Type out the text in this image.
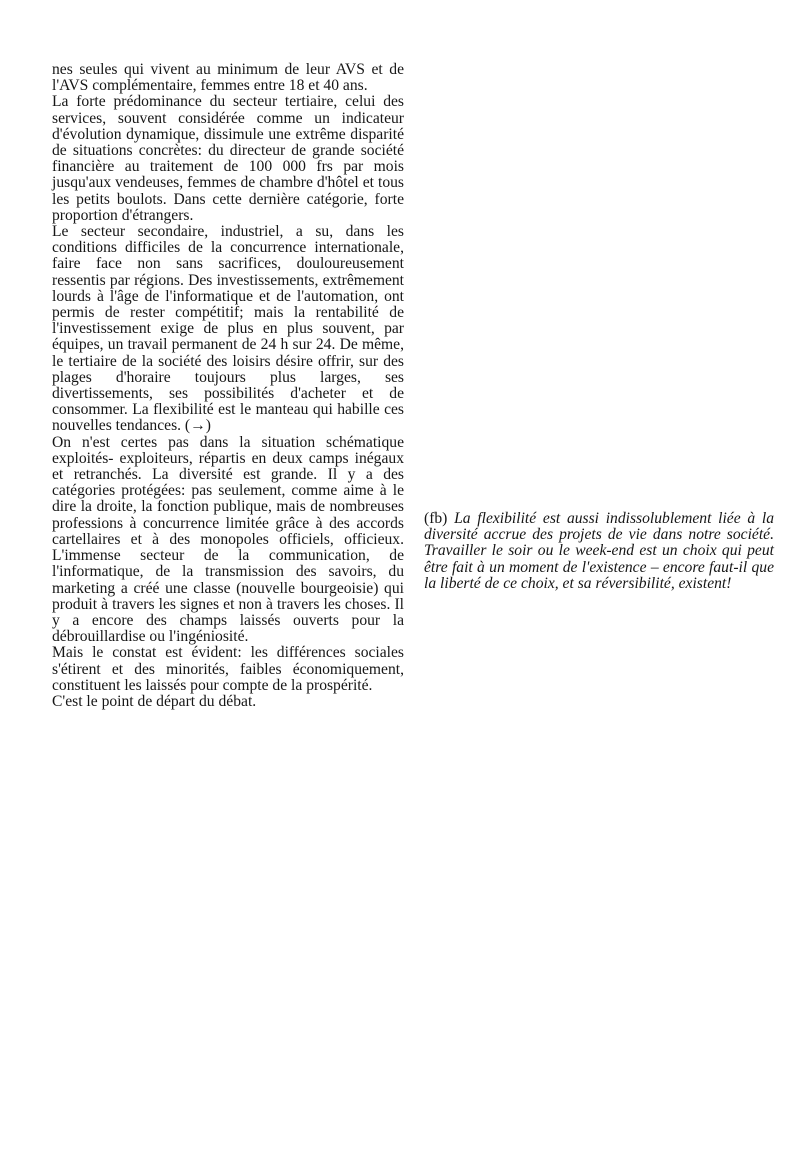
nes seules qui vivent au minimum de leur AVS et de l'AVS complémentaire, femmes entre 18 et 40 ans.

La forte prédominance du secteur tertiaire, celui des services, souvent considérée comme un indicateur d'évolution dynamique, dissimule une extrême disparité de situations concrètes: du directeur de grande société financière au traitement de 100 000 frs par mois jusqu'aux vendeuses, femmes de chambre d'hôtel et tous les petits boulots. Dans cette dernière catégorie, forte proportion d'étrangers.

Le secteur secondaire, industriel, a su, dans les conditions difficiles de la concurrence internationale, faire face non sans sacrifices, douloureusement ressentis par régions. Des investissements, extrêmement lourds à l'âge de l'informatique et de l'automation, ont permis de rester compétitif; mais la rentabilité de l'investissement exige de plus en plus souvent, par équipes, un travail permanent de 24 h sur 24. De même, le tertiaire de la société des loisirs désire offrir, sur des plages d'horaire toujours plus larges, ses divertissements, ses possibilités d'acheter et de consommer. La flexibilité est le manteau qui habille ces nouvelles tendances. (→)

On n'est certes pas dans la situation schématique exploités- exploiteurs, répartis en deux camps inégaux et retranchés. La diversité est grande. Il y a des catégories protégées: pas seulement, comme aime à le dire la droite, la fonction publique, mais de nombreuses professions à concurrence limitée grâce à des accords cartellaires et à des monopoles officiels, officieux. L'immense secteur de la communication, de l'informatique, de la transmission des savoirs, du marketing a créé une classe (nouvelle bourgeoisie) qui produit à travers les signes et non à travers les choses. Il y a encore des champs laissés ouverts pour la débrouillardise ou l'ingéniosité.

Mais le constat est évident: les différences sociales s'étirent et des minorités, faibles économiquement, constituent les laissés pour compte de la prospérité.

C'est le point de départ du débat.

(fb) La flexibilité est aussi indissolublement liée à la diversité accrue des projets de vie dans notre société. Travailler le soir ou le week-end est un choix qui peut être fait à un moment de l'existence – encore faut-il que la liberté de ce choix, et sa réversibilité, existent!
